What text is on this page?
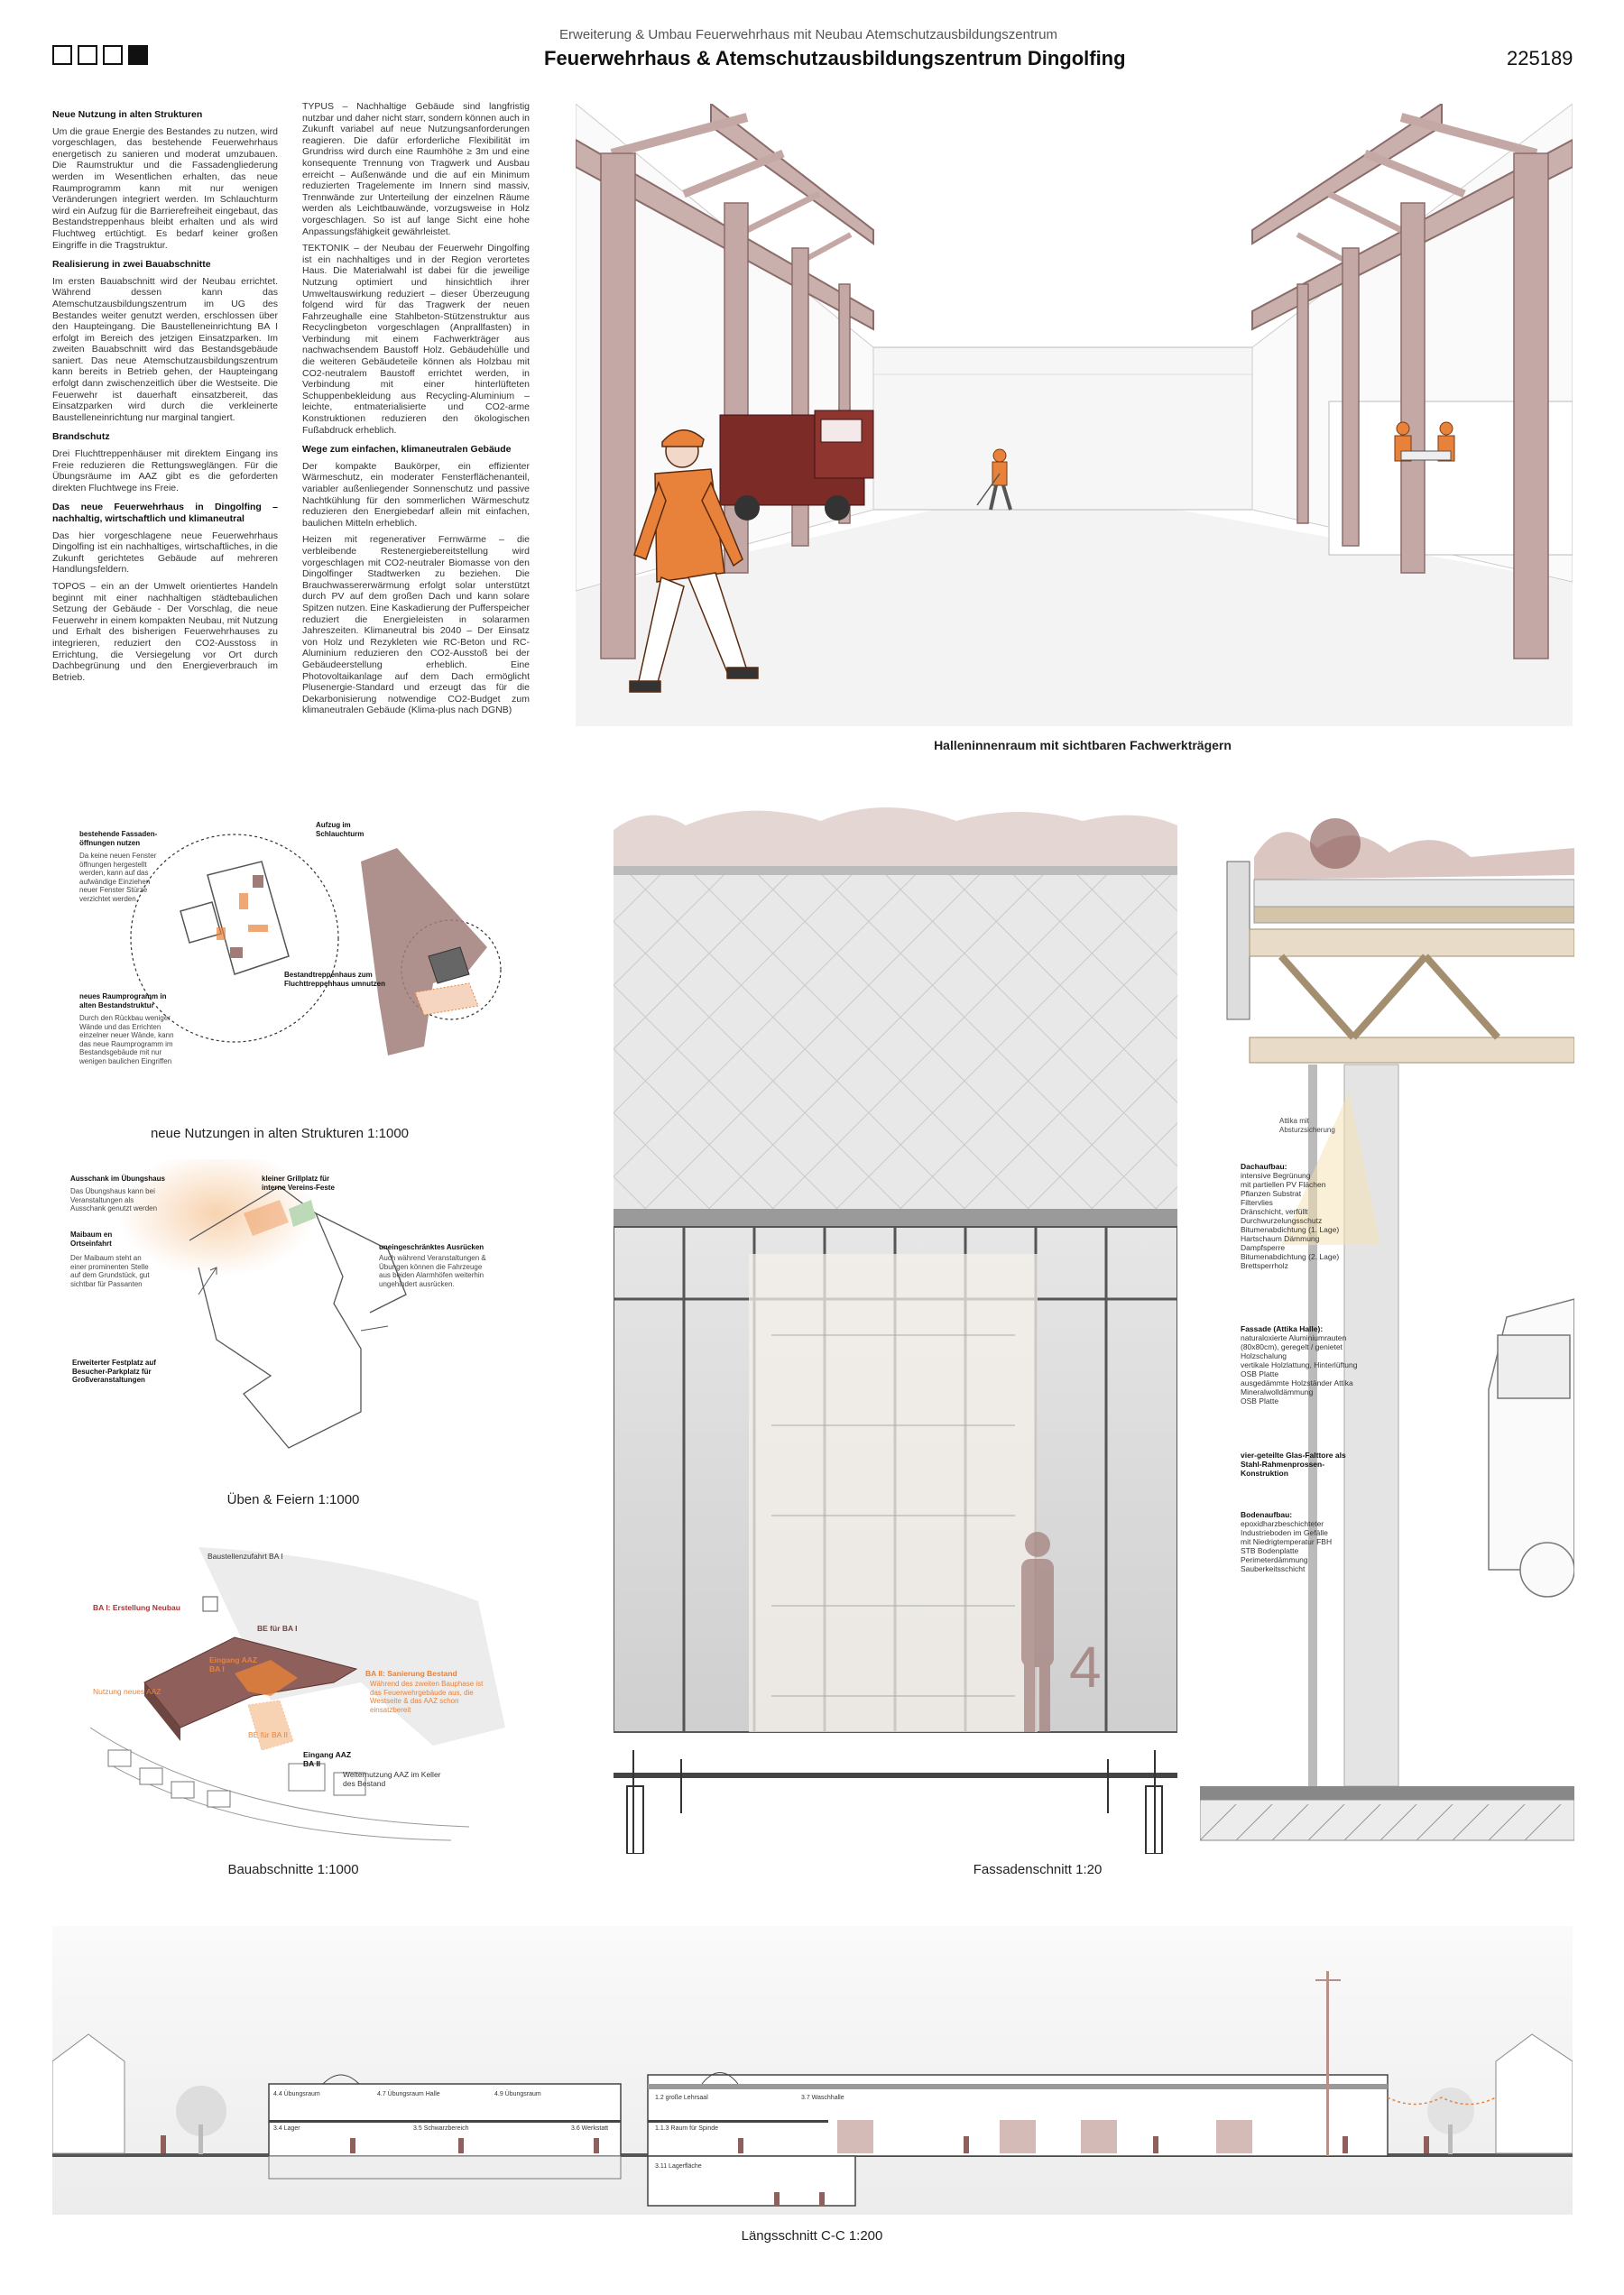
Erweiterung & Umbau Feuerwehrhaus mit Neubau Atemschutzausbildungszentrum
Feuerwehrhaus & Atemschutzausbildungszentrum Dingolfing	225189
Neue Nutzung in alten Strukturen

Um die graue Energie des Bestandes zu nutzen, wird vorgeschlagen, das bestehende Feuerwehrhaus energetisch zu sanieren und moderat umzubauen. Die Raumstruktur und die Fassadengliederung werden im Wesentlichen erhalten, das neue Raumprogramm kann mit nur wenigen Veränderungen integriert werden. Im Schlauchturm wird ein Aufzug für die Barrierefreiheit eingebaut, das Bestandstreppenhaus bleibt erhalten und als wird Fluchtweg ertüchtigt. Es bedarf keiner großen Eingriffe in die Tragstruktur.

Realisierung in zwei Bauabschnitte

Im ersten Bauabschnitt wird der Neubau errichtet. Während dessen kann das Atemschutzausbildungszentrum im UG des Bestandes weiter genutzt werden, erschlossen über den Haupteingang. Die Baustelleneinrichtung BA I erfolgt im Bereich des jetzigen Einsatzparken. Im zweiten Bauabschnitt wird das Bestandsgebäude saniert. Das neue Atemschutzausbildungszentrum kann bereits in Betrieb gehen, der Haupteingang erfolgt dann zwischenzeitlich über die Westseite. Die Feuerwehr ist dauerhaft einsatzbereit, das Einsatzparken wird durch die verkleinerte Baustelleneinrichtung nur marginal tangiert.

Brandschutz

Drei Fluchttreppenhäuser mit direktem Eingang ins Freie reduzieren die Rettungsweglängen. Für die Übungsräume im AAZ gibt es die geforderten direkten Fluchtwege ins Freie.

Das neue Feuerwehrhaus in Dingolfing – nachhaltig, wirtschaftlich und klimaneutral

Das hier vorgeschlagene neue Feuerwehrhaus Dingolfing ist ein nachhaltiges, wirtschaftliches, in die Zukunft gerichtetes Gebäude auf mehreren Handlungsfeldern.

TOPOS – ein an der Umwelt orientiertes Handeln beginnt mit einer nachhaltigen städtebaulichen Setzung der Gebäude - Der Vorschlag, die neue Feuerwehr in einem kompakten Neubau, mit Nutzung und Erhalt des bisherigen Feuerwehrhauses zu integrieren, reduziert den CO2-Ausstoss in Errichtung, die Versiegelung vor Ort durch Dachbegrünung und den Energieverbrauch im Betrieb.

TYPUS – Nachhaltige Gebäude sind langfristig nutzbar und daher nicht starr, sondern können auch in Zukunft variabel auf neue Nutzungsanforderungen reagieren. Die dafür erforderliche Flexibilität im Grundriss wird durch eine Raumhöhe ≥ 3m und eine konsequente Trennung von Tragwerk und Ausbau erreicht – Außenwände und die auf ein Minimum reduzierten Tragelemente im Innern sind massiv, Trennwände zur Unterteilung der einzelnen Räume werden als Leichtbauwände, vorzugsweise in Holz vorgeschlagen. So ist auf lange Sicht eine hohe Anpassungsfähigkeit gewährleistet.

TEKTONIK – der Neubau der Feuerwehr Dingolfing ist ein nachhaltiges und in der Region verortetes Haus. Die Materialwahl ist dabei für die jeweilige Nutzung optimiert und hinsichtlich ihrer Umweltauswirkung reduziert – dieser Überzeugung folgend wird für das Tragwerk der neuen Fahrzeughalle eine Stahlbeton-Stützenstruktur aus Recyclingbeton vorgeschlagen (Anprallfasten) in Verbindung mit einem Fachwerkträger aus nachwachsendem Baustoff Holz. Gebäudehülle und die weiteren Gebäudeteile können als Holzbau mit CO2-neutralem Baustoff errichtet werden, in Verbindung mit einer hinterlüfteten Schuppenbekleidung aus Recycling-Aluminium – leichte, entmaterialisierte und CO2-arme Konstruktionen reduzieren den ökologischen Fußabdruck erheblich.

Wege zum einfachen, klimaneutralen Gebäude

Der kompakte Baukörper, ein effizienter Wärmeschutz, ein moderater Fensterflächenanteil, variabler außenliegender Sonnenschutz und passive Nachtkühlung für den sommerlichen Wärmeschutz reduzieren den Energiebedarf allein mit einfachen, baulichen Mitteln erheblich.

Heizen mit regenerativer Fernwärme – die verbleibende Restenergiebereitstellung wird vorgeschlagen mit CO2-neutraler Biomasse von den Dingolfinger Stadtwerken zu beziehen. Die Brauchwassererwärmung erfolgt solar unterstützt durch PV auf dem großen Dach und kann solare Spitzen nutzen. Eine Kaskadierung der Pufferspeicher reduziert die Energieleisten in solararmen Jahreszeiten. Klimaneutral bis 2040 – Der Einsatz von Holz und Rezykleten wie RC-Beton und RC-Aluminium reduzieren den CO2-Ausstoß bei der Gebäudeerstellung erheblich. Eine Photovoltaikanlage auf dem Dach ermöglicht Plusenergie-Standard und erzeugt das für die Dekarbonisierung notwendige CO2-Budget zum klimaneutralen Gebäude (Klima-plus nach DGNB)

Halleninnenraum mit sichtbaren Fachwerkträgern
bestehende Fassaden-öffnungen nutzen
Da keine neuen Fenster öffnungen hergestellt werden, kann auf das aufwändige Einziehen neuer Fenster Stürze verzichtet werden.
Aufzug im Schlauchturm
Bestandtreppenhaus zum Fluchttreppenhaus umnutzen
neues Raumprogramm in alten Bestandstruktur
Durch den Rückbau weniger Wände und das Errichten einzelner neuer Wände, kann das neue Raumprogramm im Bestandsgebäude mit nur wenigen baulichen Eingriffen
neue Nutzungen in alten Strukturen 1:1000
Ausschank im Übungshaus
Das Übungshaus kann bei Veranstaltungen als Ausschank genutzt werden
kleiner Grillplatz für interne Vereins-Feste
Maibaum en Ortseinfahrt
Der Maibaum steht an einer prominenten Stelle auf dem Grundstück, gut sichtbar für Passanten
uneingeschränktes Ausrücken
Auch während Veranstaltungen & Übungen können die Fahrzeuge aus beiden Alarmhöfen weiterhin ungehindert ausrücken.
Erweiterter Festplatz auf Besucher-Parkplatz für Großveranstaltungen
Üben & Feiern 1:1000
Baustellenzufahrt BA I
BA I: Erstellung Neubau
BE für BA I
Eingang AAZ BA I	BA II: Sanierung Bestand
Während des zweiten Bauphase ist das Feuerwehrgebäude aus, die Westseite & das AAZ schon einsatzbereit
Nutzung neues AAZ
BE für BA II
Eingang AAZ BA II
Weiternutzung AAZ im Keller des Bestand
Bauabschnitte 1:1000
4
Fassadenschnitt 1:20
Attika mit Absturzsicherung
Dachaufbau:
intensive Begrünung
mit partiellen PV Flächen
Pflanzen Substrat
Filtervlies
Dränschicht, verfüllt
Durchwurzelungsschutz
Bitumenabdichtung (1. Lage)
Hartschaum Dämmung
Dampfsperre
Bitumenabdichtung (2. Lage)
Brettsperrholz
Fassade (Attika Halle):
naturaloxierte Aluminiumrauten
(80x80cm), geregelt / genietet
Holzschalung
vertikale Holzlattung, Hinterlüftung
OSB Platte
ausgedämmte Holzständer Attika
Mineralwolldämmung
OSB Platte
vier-geteilte Glas-Falttore als Stahl-Rahmenprossen-Konstruktion
Bodenaufbau:
epoxidharzbeschichteter
Industrieboden im Gefälle
mit Niedrigtemperatur FBH
STB Bodenplatte
Perimeterdämmung
Sauberkeitsschicht
4.4 Übungsraum	4.7 Übungsraum Halle	4.9 Übungsraum
1.2 große Lehrsaal	3.7 Waschhalle
3.4 Lager	3.5 Schwarzbereich	3.6 Werkstatt	1.1.3 Raum für Spinde
3.11 Lagerfläche
Längsschnitt C-C 1:200
